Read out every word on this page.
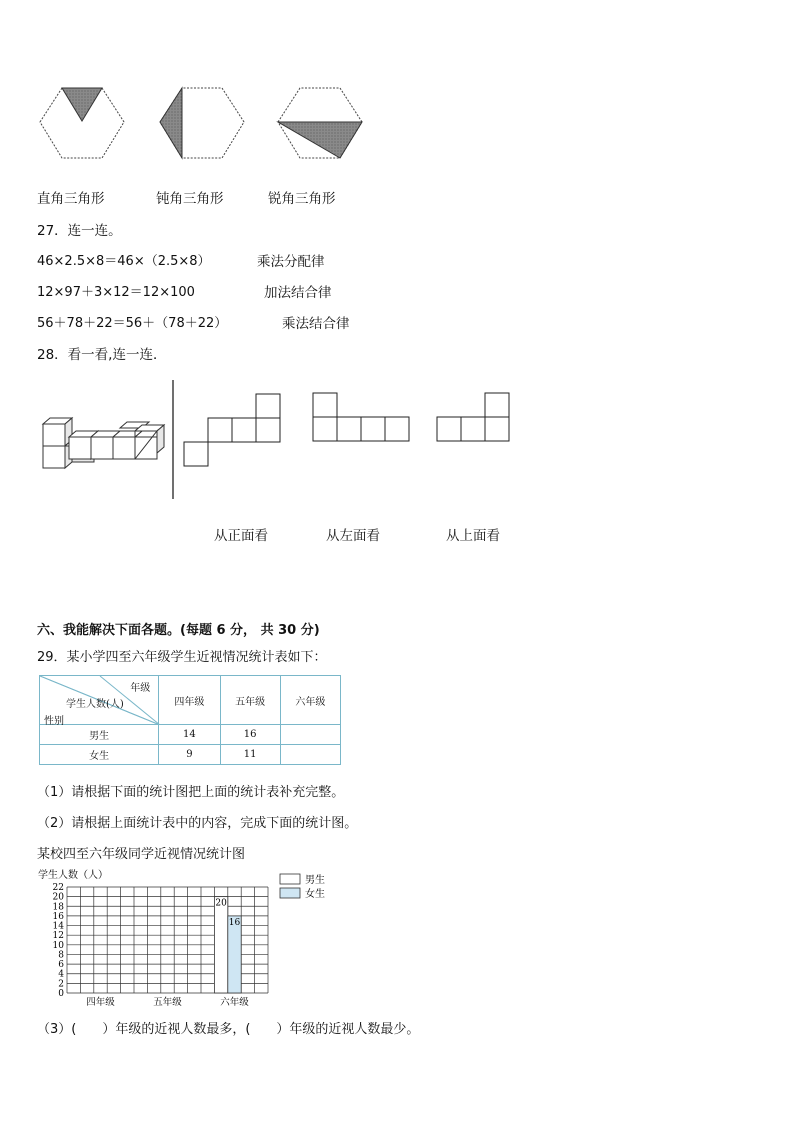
直角三角形	钝角三角形	锐角三角形
27．连一连。
46×2.5×8＝46×（2.5×8）
12×97＋3×12＝12×100
56＋78＋22＝56＋（78＋22）
乘法分配律
加法结合律
乘法结合律
28．看一看,连一连．
从正面看	从左面看	从上面看
六、我能解决下面各题。(每题 6 分， 共 30 分)
29．某小学四至六年级学生近视情况统计表如下：
年级
学生人数(人)
性别	四年级	五年级	六年级
男生	14	16	
女生	9	11	
（1）请根据下面的统计图把上面的统计表补充完整。
（2）请根据上面统计表中的内容，完成下面的统计图。
某校四至六年级同学近视情况统计图
学生人数（人）
0
2
4
6
8
10
12
14
16
18
20
22
四年级	五年级	六年级
20
16
男生
女生
（3）(　　）年级的近视人数最多，(　　）年级的近视人数最少。
